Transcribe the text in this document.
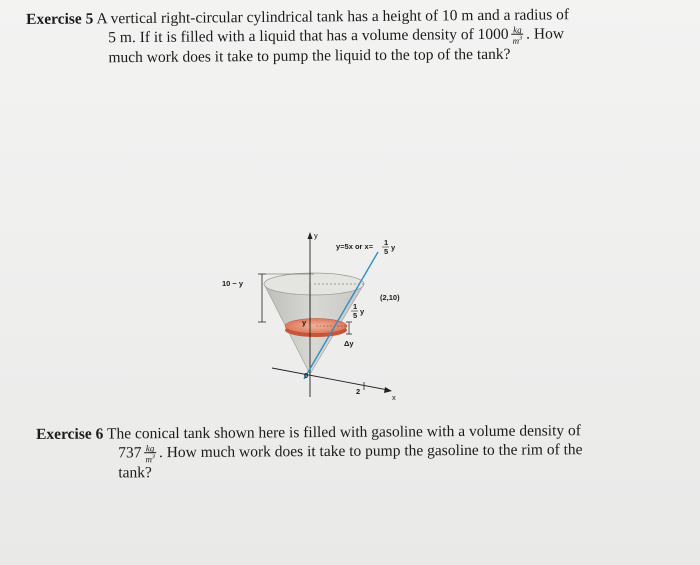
Exercise 5 A vertical right-circular cylindrical tank has a height of 10 m and a radius of
5 m. If it is filled with a liquid that has a volume density of $1000 \frac{kg}{m^3}$ . How
much work does it take to pump the liquid to the top of the tank?
y
x
y=5x or x= 1
5 y
10 − y
(2,10)
1
5 y
y
Δy
0
2
Exercise 6 The conical tank shown here is filled with gasoline with a volume density of
$737 \frac{kg}{m^3}$ . How much work does it take to pump the gasoline to the rim of the
tank?
